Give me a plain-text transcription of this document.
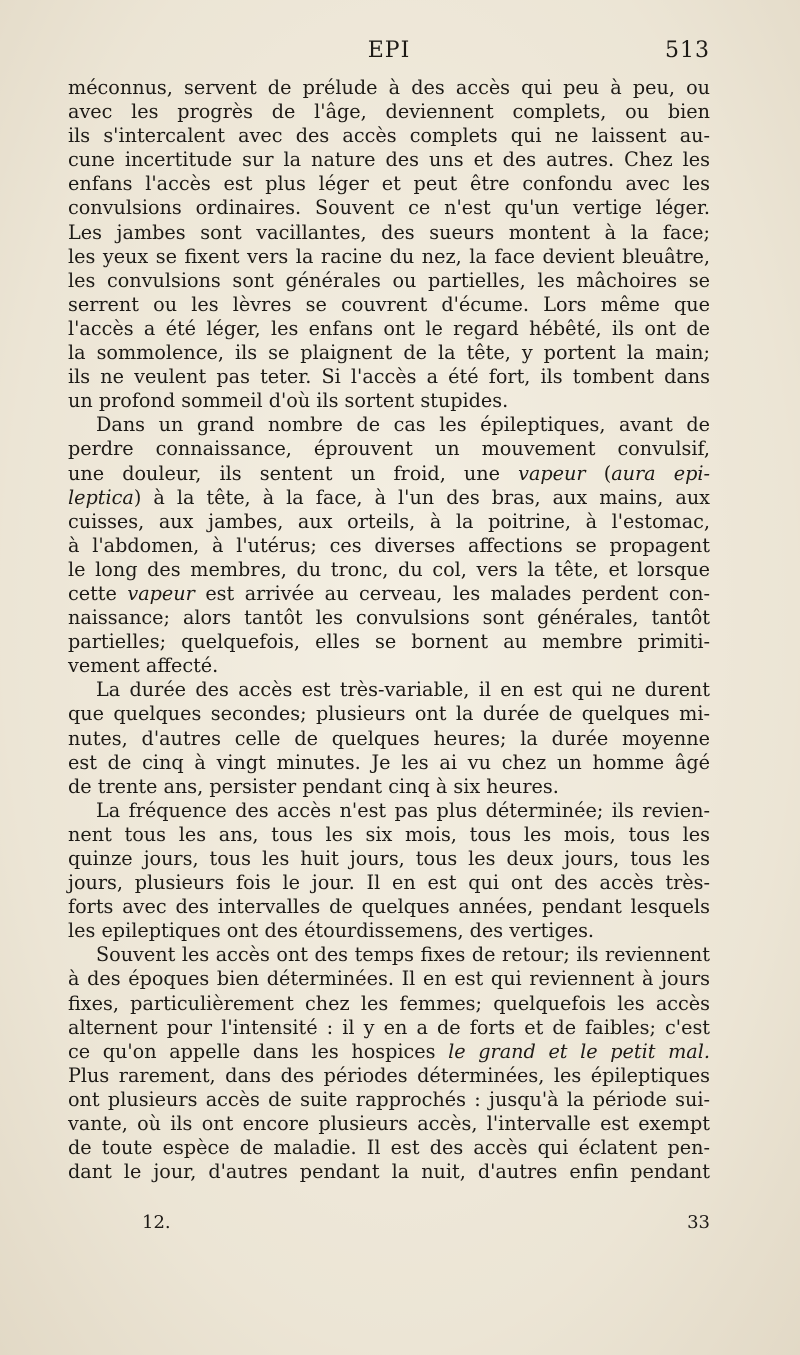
EPI	513
méconnus, servent de prélude à des accès qui peu à peu, ou
avec les progrès de l'âge, deviennent complets, ou bien
ils s'intercalent avec des accès complets qui ne laissent au-
cune incertitude sur la nature des uns et des autres. Chez les
enfans l'accès est plus léger et peut être confondu avec les
convulsions ordinaires. Souvent ce n'est qu'un vertige léger.
Les jambes sont vacillantes, des sueurs montent à la face;
les yeux se fixent vers la racine du nez, la face devient bleuâtre,
les convulsions sont générales ou partielles, les mâchoires se
serrent ou les lèvres se couvrent d'écume. Lors même que
l'accès a été léger, les enfans ont le regard hébêté, ils ont de
la sommolence, ils se plaignent de la tête, y portent la main;
ils ne veulent pas teter. Si l'accès a été fort, ils tombent dans
un profond sommeil d'où ils sortent stupides.
Dans un grand nombre de cas les épileptiques, avant de
perdre connaissance, éprouvent un mouvement convulsif,
une douleur, ils sentent un froid, une vapeur (aura epi-
leptica) à la tête, à la face, à l'un des bras, aux mains, aux
cuisses, aux jambes, aux orteils, à la poitrine, à l'estomac,
à l'abdomen, à l'utérus; ces diverses affections se propagent
le long des membres, du tronc, du col, vers la tête, et lorsque
cette vapeur est arrivée au cerveau, les malades perdent con-
naissance; alors tantôt les convulsions sont générales, tantôt
partielles; quelquefois, elles se bornent au membre primiti-
vement affecté.
La durée des accès est très-variable, il en est qui ne durent
que quelques secondes; plusieurs ont la durée de quelques mi-
nutes, d'autres celle de quelques heures; la durée moyenne
est de cinq à vingt minutes. Je les ai vu chez un homme âgé
de trente ans, persister pendant cinq à six heures.
La fréquence des accès n'est pas plus déterminée; ils revien-
nent tous les ans, tous les six mois, tous les mois, tous les
quinze jours, tous les huit jours, tous les deux jours, tous les
jours, plusieurs fois le jour. Il en est qui ont des accès très-
forts avec des intervalles de quelques années, pendant lesquels
les epileptiques ont des étourdissemens, des vertiges.
Souvent les accès ont des temps fixes de retour; ils reviennent
à des époques bien déterminées. Il en est qui reviennent à jours
fixes, particulièrement chez les femmes; quelquefois les accès
alternent pour l'intensité : il y en a de forts et de faibles; c'est
ce qu'on appelle dans les hospices le grand et le petit mal.
Plus rarement, dans des périodes déterminées, les épileptiques
ont plusieurs accès de suite rapprochés : jusqu'à la période sui-
vante, où ils ont encore plusieurs accès, l'intervalle est exempt
de toute espèce de maladie. Il est des accès qui éclatent pen-
dant le jour, d'autres pendant la nuit, d'autres enfin pendant
12.	33
